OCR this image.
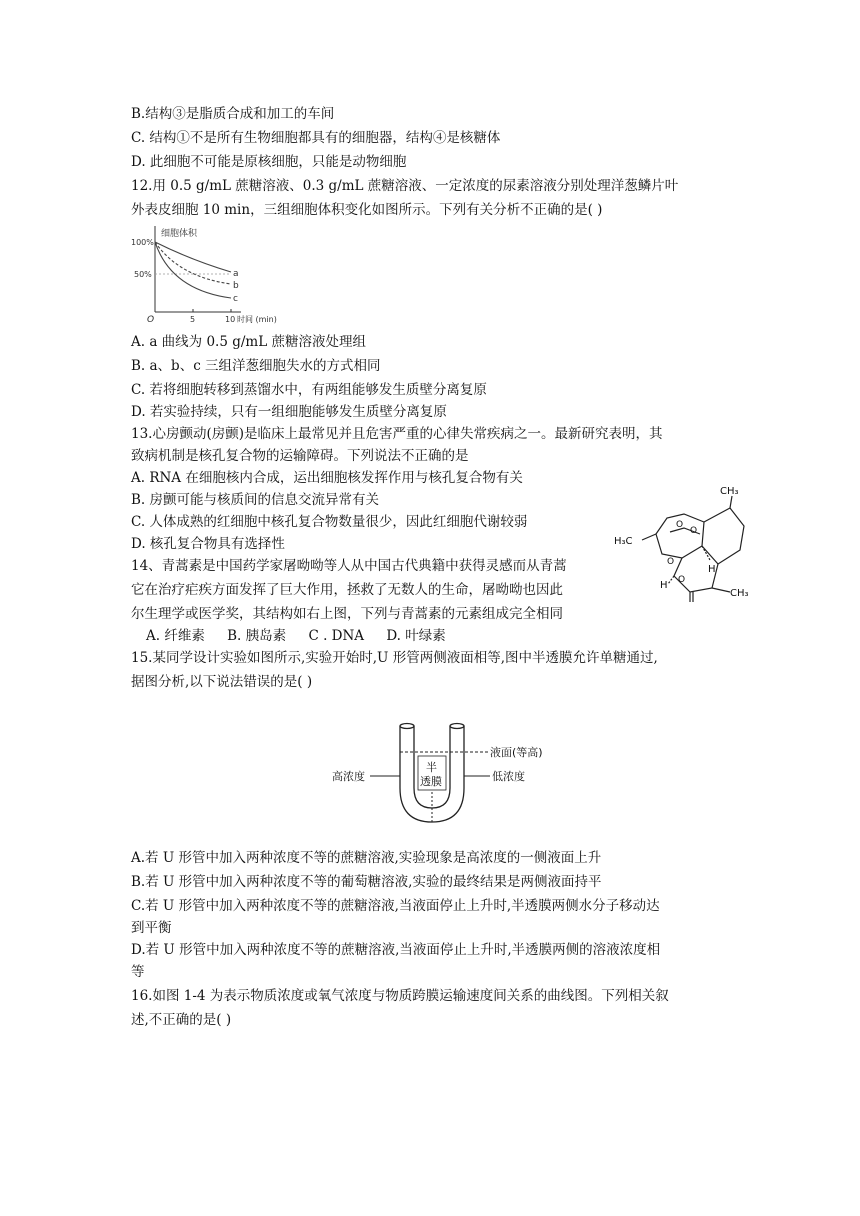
B.结构③是脂质合成和加工的车间
C. 结构①不是所有生物细胞都具有的细胞器，结构④是核糖体
D. 此细胞不可能是原核细胞，只能是动物细胞
12.用 0.5 g/mL 蔗糖溶液、0.3 g/mL 蔗糖溶液、一定浓度的尿素溶液分别处理洋葱鳞片叶
外表皮细胞 10 min，三组细胞体积变化如图所示。下列有关分析不正确的是( )
细胞体积
100%
50%
O	5	10 时间 (min)
a
b
c
A. a 曲线为 0.5 g/mL 蔗糖溶液处理组
B. a、b、c 三组洋葱细胞失水的方式相同
C. 若将细胞转移到蒸馏水中，有两组能够发生质壁分离复原
D. 若实验持续，只有一组细胞能够发生质壁分离复原
13.心房颤动(房颤)是临床上最常见并且危害严重的心律失常疾病之一。最新研究表明，其
致病机制是核孔复合物的运输障碍。下列说法不正确的是
A. RNA 在细胞核内合成，运出细胞核发挥作用与核孔复合物有关
B. 房颤可能与核质间的信息交流异常有关
C. 人体成熟的红细胞中核孔复合物数量很少，因此红细胞代谢较弱
D. 核孔复合物具有选择性
14、青蒿素是中国药学家屠呦呦等人从中国古代典籍中获得灵感而从青蒿
它在治疗疟疾方面发挥了巨大作用，拯救了无数人的生命，屠呦呦也因此
尔生理学或医学奖，其结构如右上图，下列与青蒿素的元素组成完全相同
A. 纤维素 B. 胰岛素 C . DNA D. 叶绿素
CH₃
H₃C
CH₃
H
H
O
O
O
O
15.某同学设计实验如图所示,实验开始时,U 形管两侧液面相等,图中半透膜允许单糖通过,
据图分析,以下说法错误的是( )
半
透膜
液面(等高)
高浓度	低浓度
A.若 U 形管中加入两种浓度不等的蔗糖溶液,实验现象是高浓度的一侧液面上升
B.若 U 形管中加入两种浓度不等的葡萄糖溶液,实验的最终结果是两侧液面持平
C.若 U 形管中加入两种浓度不等的蔗糖溶液,当液面停止上升时,半透膜两侧水分子移动达
到平衡
D.若 U 形管中加入两种浓度不等的蔗糖溶液,当液面停止上升时,半透膜两侧的溶液浓度相
等
16.如图 1-4 为表示物质浓度或氧气浓度与物质跨膜运输速度间关系的曲线图。下列相关叙
述,不正确的是( )
